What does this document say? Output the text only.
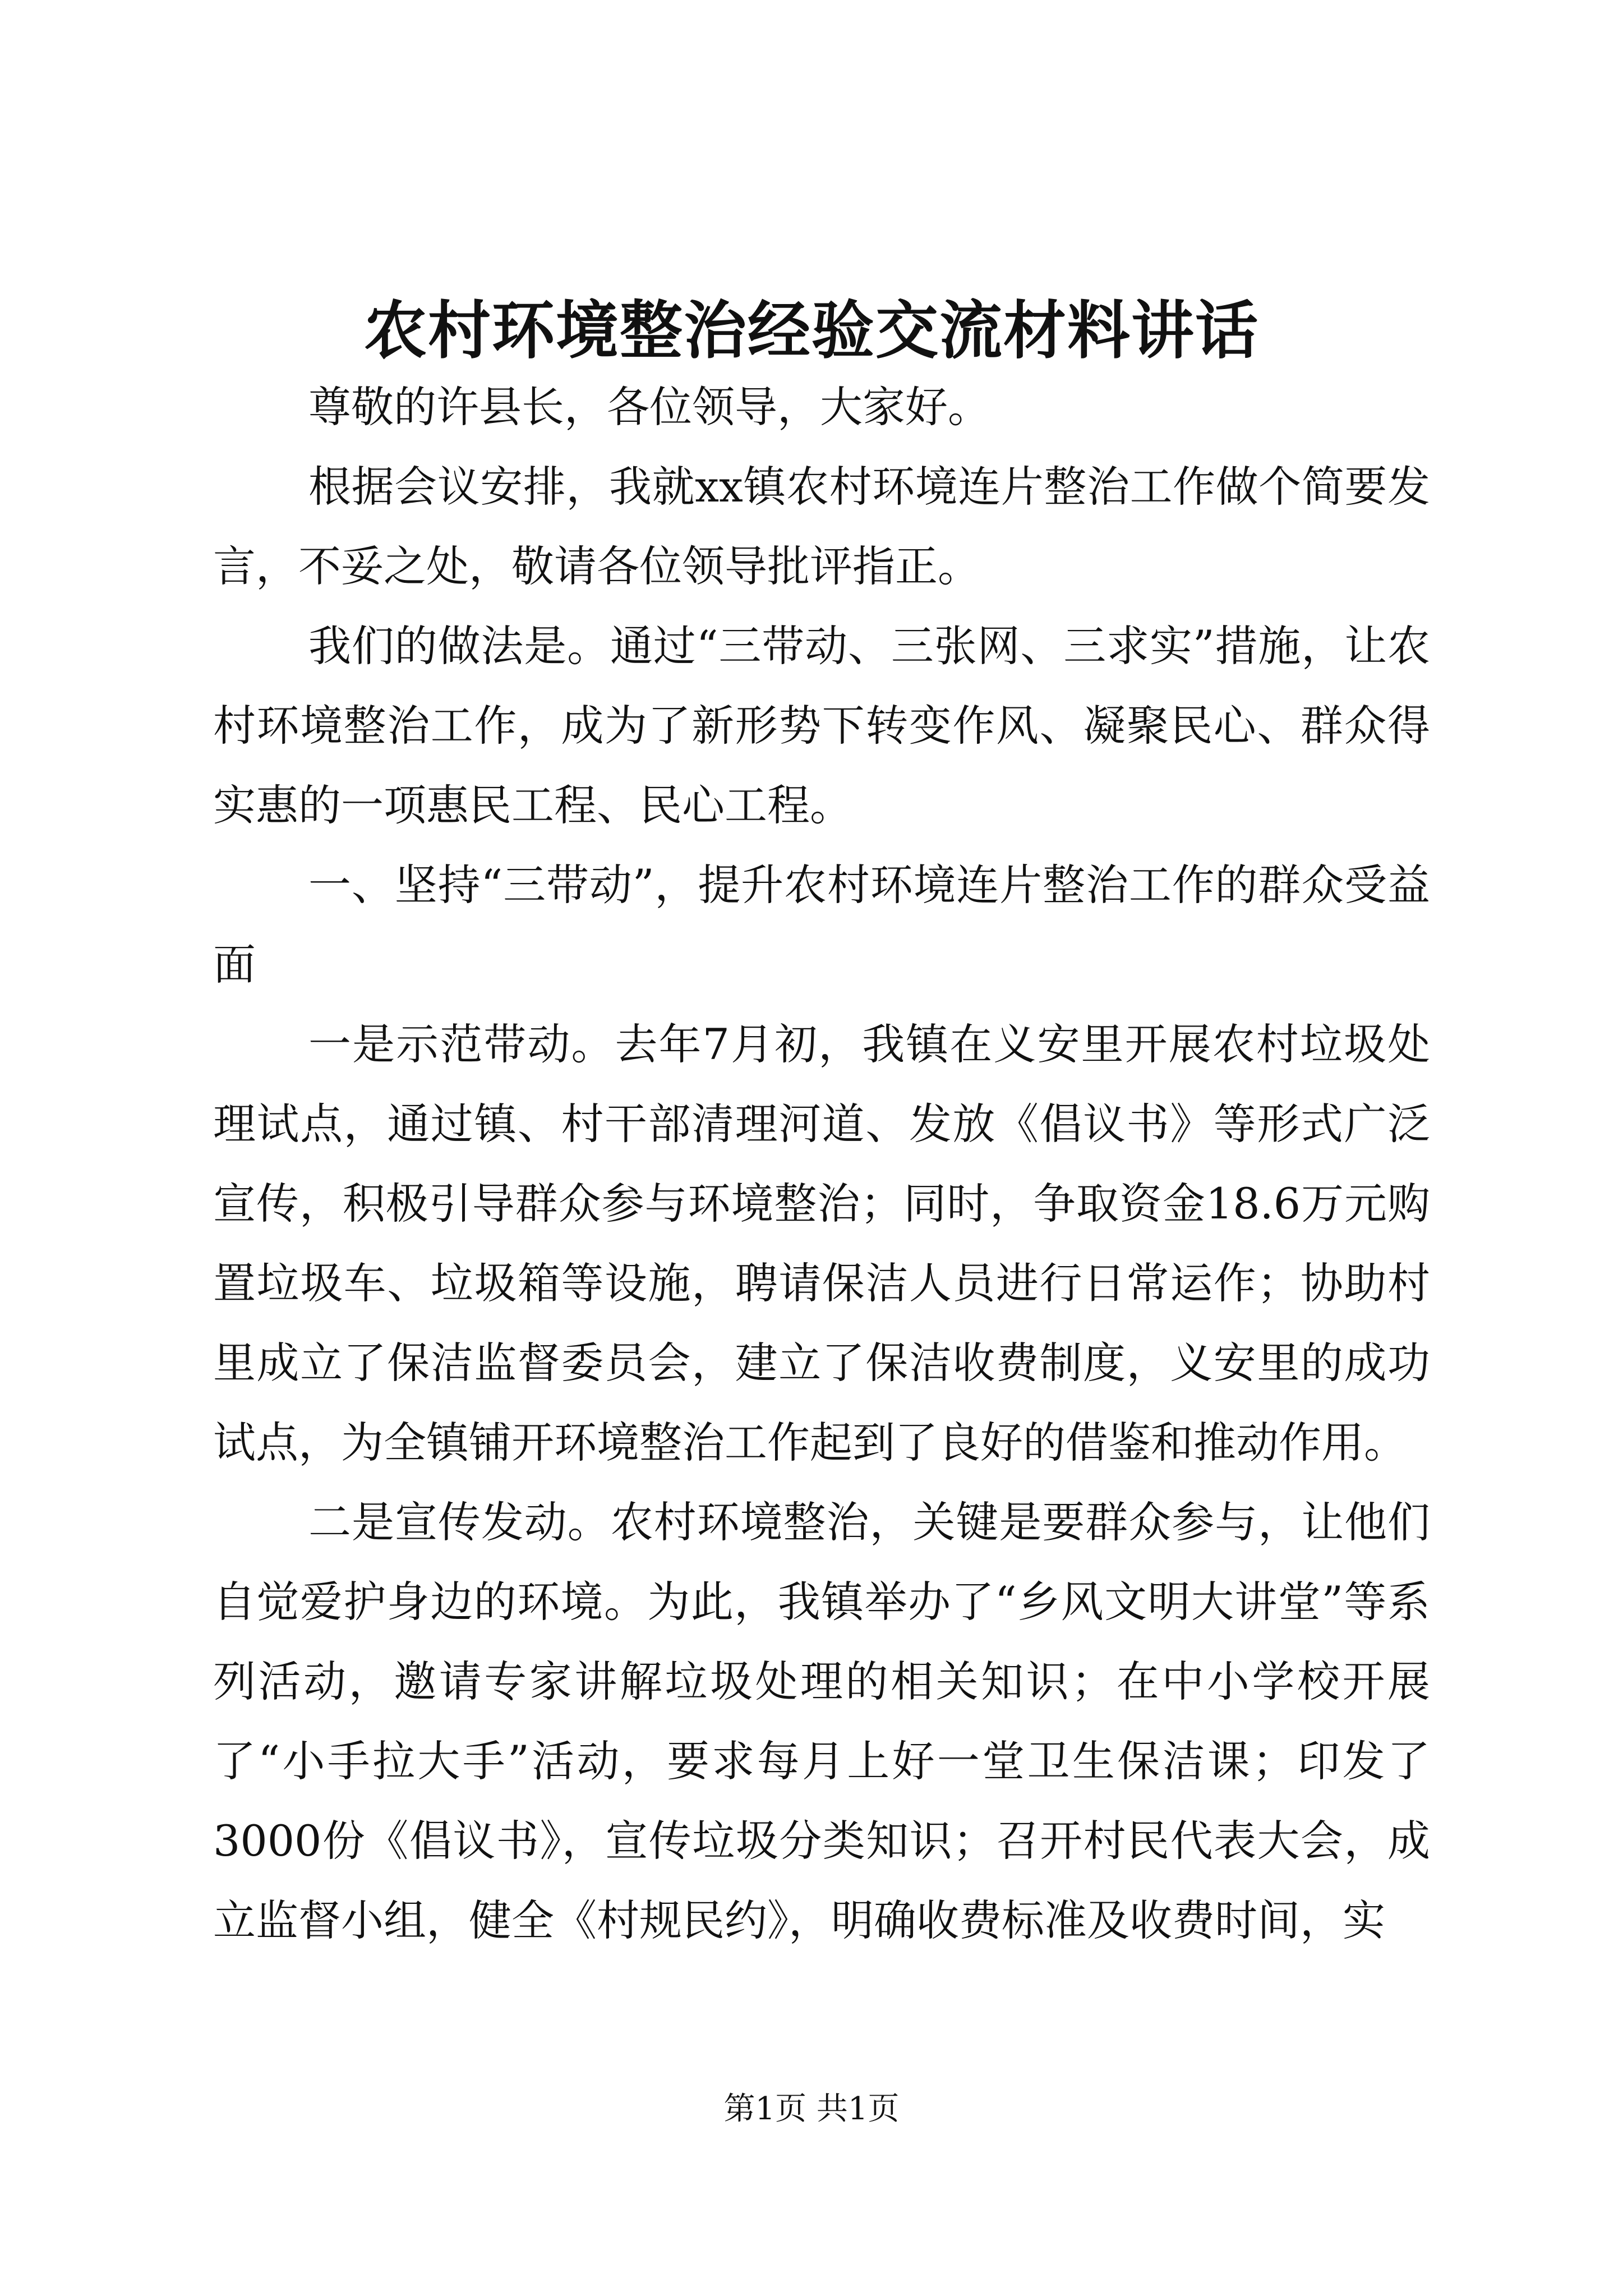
农村环境整治经验交流材料讲话

尊敬的许县长，各位领导，大家好。

根据会议安排，我就xx镇农村环境连片整治工作做个简要发言，不妥之处，敬请各位领导批评指正。

我们的做法是。通过“三带动、三张网、三求实”措施，让农村环境整治工作，成为了新形势下转变作风、凝聚民心、群众得实惠的一项惠民工程、民心工程。

一、坚持“三带动”，提升农村环境连片整治工作的群众受益面

一是示范带动。去年7月初，我镇在义安里开展农村垃圾处理试点，通过镇、村干部清理河道、发放《倡议书》等形式广泛宣传，积极引导群众参与环境整治；同时，争取资金18.6万元购置垃圾车、垃圾箱等设施，聘请保洁人员进行日常运作；协助村里成立了保洁监督委员会，建立了保洁收费制度，义安里的成功试点，为全镇铺开环境整治工作起到了良好的借鉴和推动作用。

二是宣传发动。农村环境整治，关键是要群众参与，让他们自觉爱护身边的环境。为此，我镇举办了“乡风文明大讲堂”等系列活动，邀请专家讲解垃圾处理的相关知识；在中小学校开展了“小手拉大手”活动，要求每月上好一堂卫生保洁课；印发了3000份《倡议书》，宣传垃圾分类知识；召开村民代表大会，成立监督小组，健全《村规民约》，明确收费标准及收费时间，实

第1页 共1页
